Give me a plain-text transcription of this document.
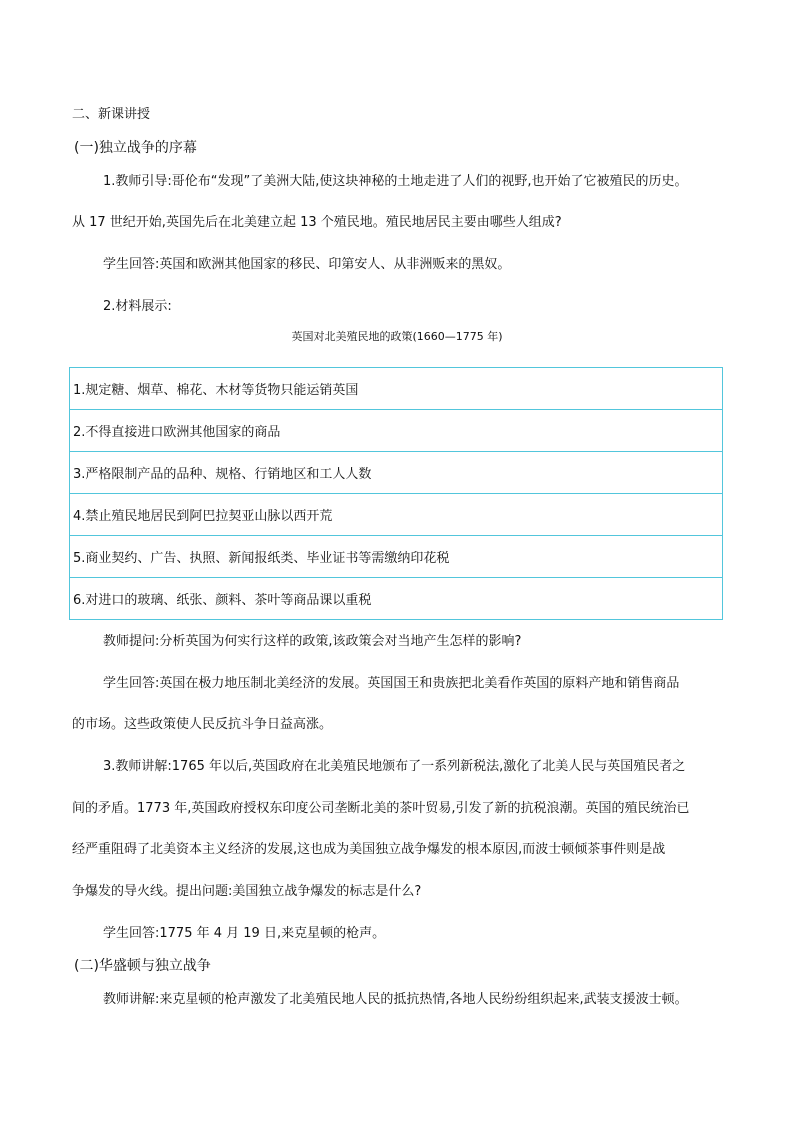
二、新课讲授
(一)独立战争的序幕
1.教师引导:哥伦布“发现”了美洲大陆,使这块神秘的土地走进了人们的视野,也开始了它被殖民的历史。
从 17 世纪开始,英国先后在北美建立起 13 个殖民地。殖民地居民主要由哪些人组成?
学生回答:英国和欧洲其他国家的移民、印第安人、从非洲贩来的黑奴。
2.材料展示:
英国对北美殖民地的政策(1660—1775 年)
1.规定糖、烟草、棉花、木材等货物只能运销英国
2.不得直接进口欧洲其他国家的商品
3.严格限制产品的品种、规格、行销地区和工人人数
4.禁止殖民地居民到阿巴拉契亚山脉以西开荒
5.商业契约、广告、执照、新闻报纸类、毕业证书等需缴纳印花税
6.对进口的玻璃、纸张、颜料、茶叶等商品课以重税
教师提问:分析英国为何实行这样的政策,该政策会对当地产生怎样的影响?
学生回答:英国在极力地压制北美经济的发展。英国国王和贵族把北美看作英国的原料产地和销售商品
的市场。这些政策使人民反抗斗争日益高涨。
3.教师讲解:1765 年以后,英国政府在北美殖民地颁布了一系列新税法,激化了北美人民与英国殖民者之
间的矛盾。1773 年,英国政府授权东印度公司垄断北美的茶叶贸易,引发了新的抗税浪潮。英国的殖民统治已
经严重阻碍了北美资本主义经济的发展,这也成为美国独立战争爆发的根本原因,而波士顿倾茶事件则是战
争爆发的导火线。提出问题:美国独立战争爆发的标志是什么?
学生回答:1775 年 4 月 19 日,来克星顿的枪声。
(二)华盛顿与独立战争
教师讲解:来克星顿的枪声激发了北美殖民地人民的抵抗热情,各地人民纷纷组织起来,武装支援波士顿。
